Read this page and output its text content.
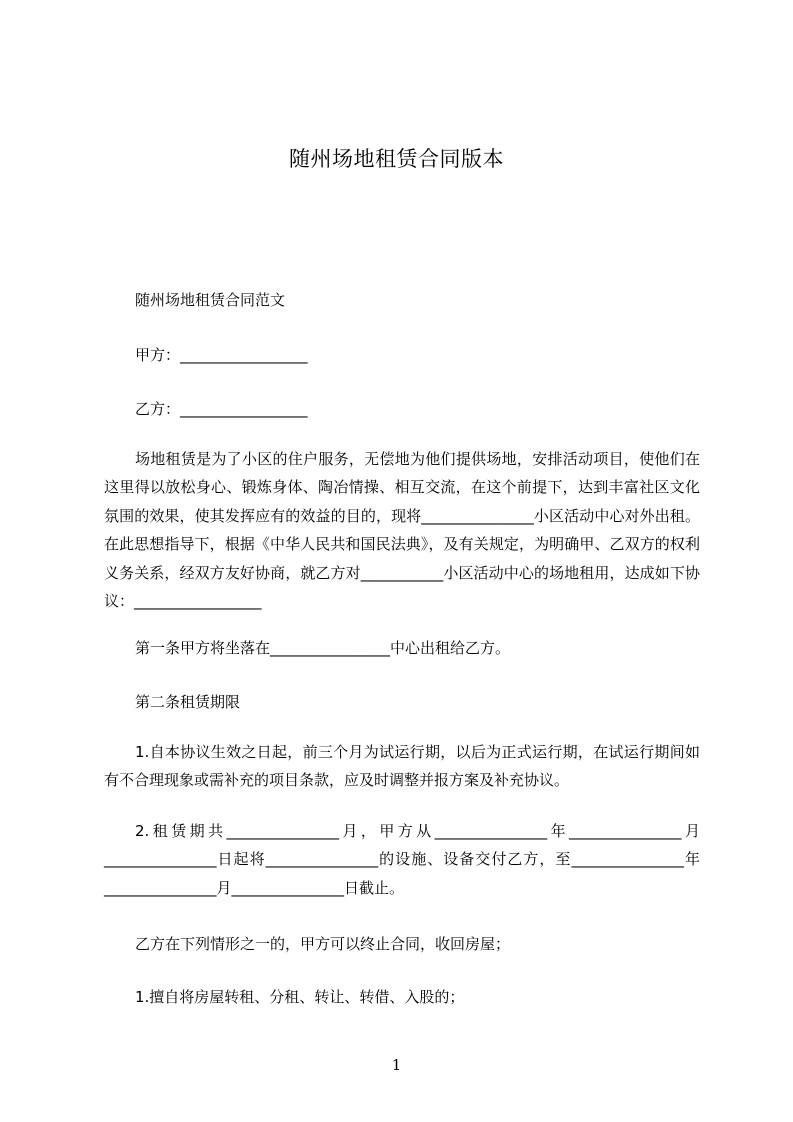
随州场地租赁合同版本
随州场地租赁合同范文
甲方：_________________
乙方：_________________
场地租赁是为了小区的住户服务，无偿地为他们提供场地，安排活动项目，使他们在这里得以放松身心、锻炼身体、陶冶情操、相互交流，在这个前提下，达到丰富社区文化氛围的效果，使其发挥应有的效益的目的，现将_______________小区活动中心对外出租。在此思想指导下，根据《中华人民共和国民法典》，及有关规定，为明确甲、乙双方的权利义务关系，经双方友好协商，就乙方对___________小区活动中心的场地租用，达成如下协议：_________________
第一条甲方将坐落在________________中心出租给乙方。
第二条租赁期限
1.自本协议生效之日起，前三个月为试运行期，以后为正式运行期，在试运行期间如有不合理现象或需补充的项目条款，应及时调整并报方案及补充协议。
2.租赁期共_______________月，甲方从_______________年_______________月_______________日起将_______________的设施、设备交付乙方，至_______________年_______________月_______________日截止。
乙方在下列情形之一的，甲方可以终止合同，收回房屋；
1.擅自将房屋转租、分租、转让、转借、入股的；
1
